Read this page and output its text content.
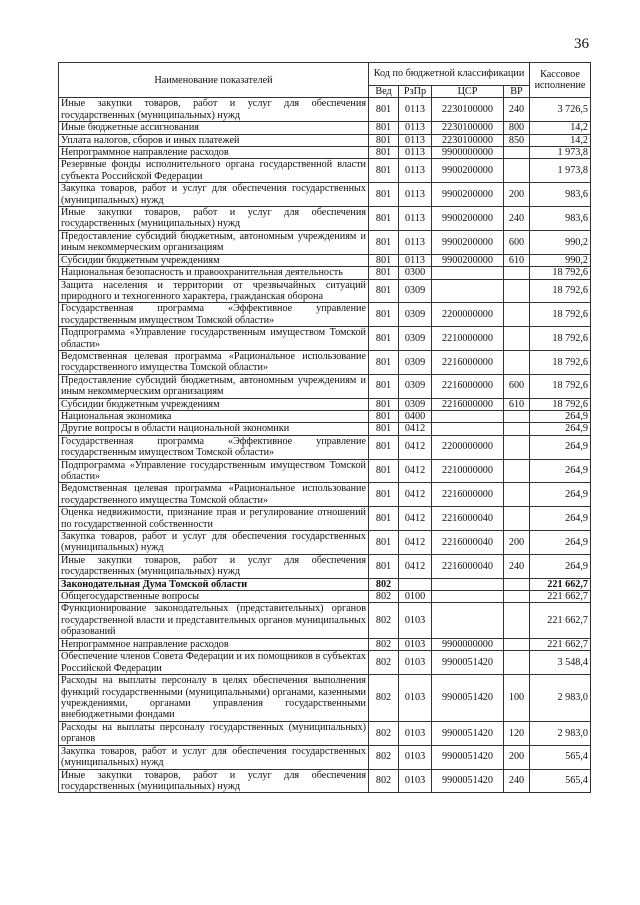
36
Наименование показателей	Код по бюджетной классификации				Кассовое исполнение
	Вед	РзПр	ЦСР	ВР	
Иные закупки товаров, работ и услуг для обеспечения государственных (муниципальных) нужд	801	0113	2230100000	240	3 726,5
Иные бюджетные ассигнования	801	0113	2230100000	800	14,2
Уплата налогов, сборов и иных платежей	801	0113	2230100000	850	14,2
Непрограммное направление расходов	801	0113	9900000000		1 973,8
Резервные фонды исполнительного органа государственной власти субъекта Российской Федерации	801	0113	9900200000		1 973,8
Закупка товаров, работ и услуг для обеспечения государственных (муниципальных) нужд	801	0113	9900200000	200	983,6
Иные закупки товаров, работ и услуг для обеспечения государственных (муниципальных) нужд	801	0113	9900200000	240	983,6
Предоставление субсидий бюджетным, автономным учреждениям и иным некоммерческим организациям	801	0113	9900200000	600	990,2
Субсидии бюджетным учреждениям	801	0113	9900200000	610	990,2
Национальная безопасность и правоохранительная деятельность	801	0300			18 792,6
Защита населения и территории от чрезвычайных ситуаций природного и техногенного характера, гражданская оборона	801	0309			18 792,6
Государственная программа «Эффективное управление государственным имуществом Томской области»	801	0309	2200000000		18 792,6
Подпрограмма «Управление государственным имуществом Томской области»	801	0309	2210000000		18 792,6
Ведомственная целевая программа «Рациональное использование государственного имущества Томской области»	801	0309	2216000000		18 792,6
Предоставление субсидий бюджетным, автономным учреждениям и иным некоммерческим организациям	801	0309	2216000000	600	18 792,6
Субсидии бюджетным учреждениям	801	0309	2216000000	610	18 792,6
Национальная экономика	801	0400			264,9
Другие вопросы в области национальной экономики	801	0412			264,9
Государственная программа «Эффективное управление государственным имуществом Томской области»	801	0412	2200000000		264,9
Подпрограмма «Управление государственным имуществом Томской области»	801	0412	2210000000		264,9
Ведомственная целевая программа «Рациональное использование государственного имущества Томской области»	801	0412	2216000000		264,9
Оценка недвижимости, признание прав и регулирование отношений по государственной собственности	801	0412	2216000040		264,9
Закупка товаров, работ и услуг для обеспечения государственных (муниципальных) нужд	801	0412	2216000040	200	264,9
Иные закупки товаров, работ и услуг для обеспечения государственных (муниципальных) нужд	801	0412	2216000040	240	264,9
Законодательная Дума Томской области	802				221 662,7
Общегосударственные вопросы	802	0100			221 662,7
Функционирование законодательных (представительных) органов государственной власти и представительных органов муниципальных образований	802	0103			221 662,7
Непрограммное направление расходов	802	0103	9900000000		221 662,7
Обеспечение членов Совета Федерации и их помощников в субъектах Российской Федерации	802	0103	9900051420		3 548,4
Расходы на выплаты персоналу в целях обеспечения выполнения функций государственными (муниципальными) органами, казенными учреждениями, органами управления государственными внебюджетными фондами	802	0103	9900051420	100	2 983,0
Расходы на выплаты персоналу государственных (муниципальных) органов	802	0103	9900051420	120	2 983,0
Закупка товаров, работ и услуг для обеспечения государственных (муниципальных) нужд	802	0103	9900051420	200	565,4
Иные закупки товаров, работ и услуг для обеспечения государственных (муниципальных) нужд	802	0103	9900051420	240	565,4
